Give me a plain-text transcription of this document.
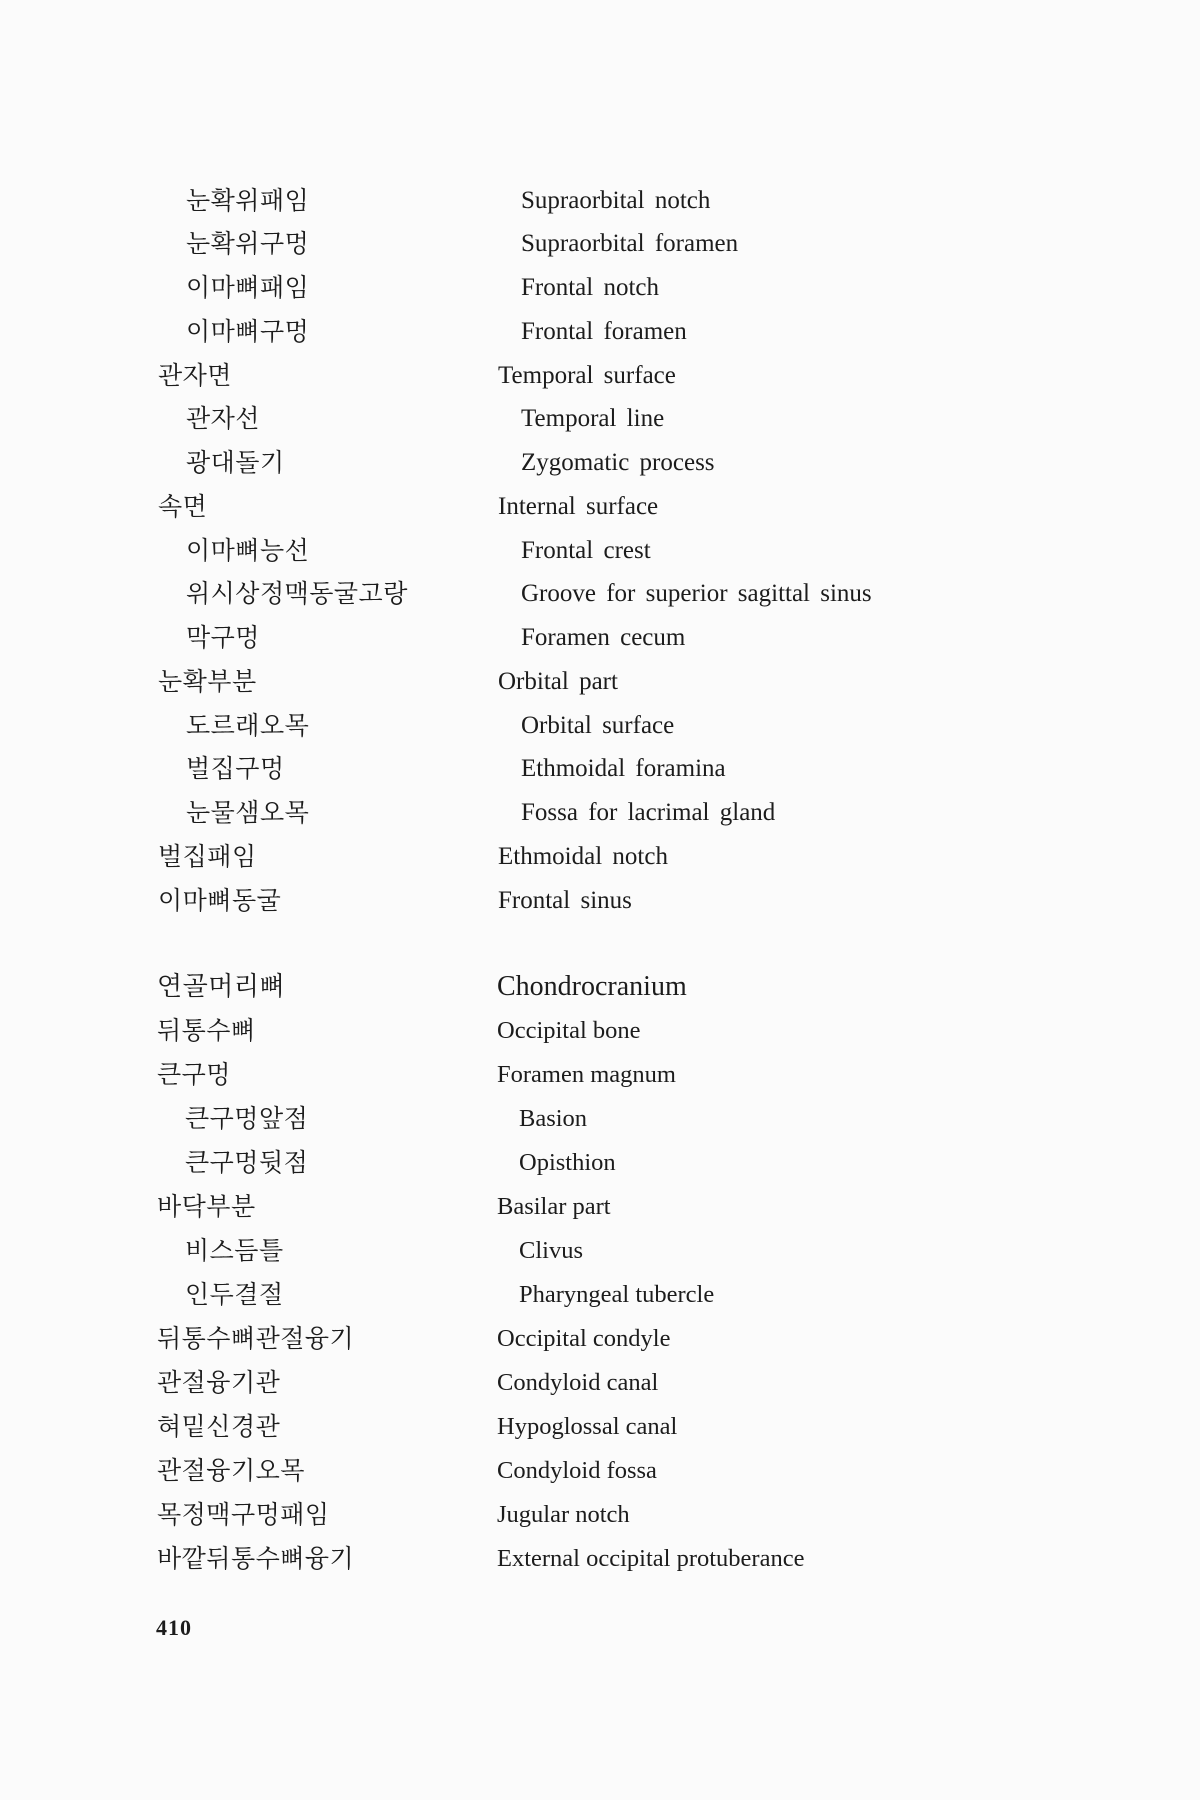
눈확위패임	Supraorbital notch
눈확위구멍	Supraorbital foramen
이마뼈패임	Frontal notch
이마뼈구멍	Frontal foramen
관자면	Temporal surface
관자선	Temporal line
광대돌기	Zygomatic process
속면	Internal surface
이마뼈능선	Frontal crest
위시상정맥동굴고랑	Groove for superior sagittal sinus
막구멍	Foramen cecum
눈확부분	Orbital part
도르래오목	Orbital surface
벌집구멍	Ethmoidal foramina
눈물샘오목	Fossa for lacrimal gland
벌집패임	Ethmoidal notch
이마뼈동굴	Frontal sinus
연골머리뼈	Chondrocranium
뒤통수뼈	Occipital bone
큰구멍	Foramen magnum
큰구멍앞점	Basion
큰구멍뒷점	Opisthion
바닥부분	Basilar part
비스듬틀	Clivus
인두결절	Pharyngeal tubercle
뒤통수뼈관절융기	Occipital condyle
관절융기관	Condyloid canal
혀밑신경관	Hypoglossal canal
관절융기오목	Condyloid fossa
목정맥구멍패임	Jugular notch
바깥뒤통수뼈융기	External occipital protuberance
410
